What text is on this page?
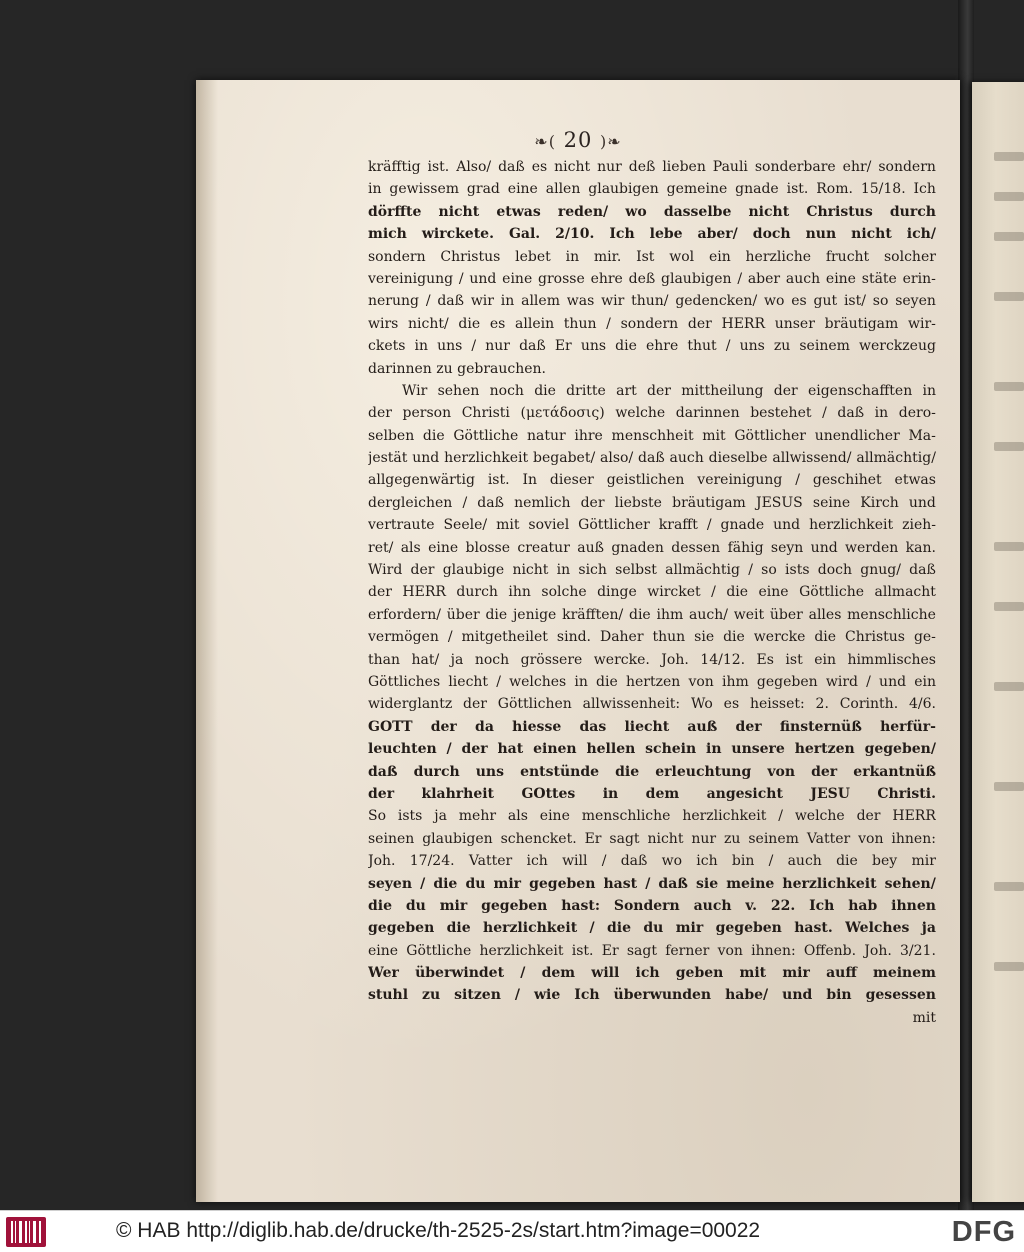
❧( 20 )❧
kräfftig ist. Also/ daß es nicht nur deß lieben Pauli sonderbare ehr/ sondern
in gewissem grad eine allen glaubigen gemeine gnade ist. Rom. 15/18. Ich
dörffte nicht etwas reden/ wo dasselbe nicht Christus durch
mich wirckete. Gal. 2/10. Ich lebe aber/ doch nun nicht ich/
sondern Christus lebet in mir. Ist wol ein herzliche frucht solcher
vereinigung / und eine grosse ehre deß glaubigen / aber auch eine stäte erin-
nerung / daß wir in allem was wir thun/ gedencken/ wo es gut ist/ so seyen
wirs nicht/ die es allein thun / sondern der HERR unser bräutigam wir-
ckets in uns / nur daß Er uns die ehre thut / uns zu seinem werckzeug
darinnen zu gebrauchen.
Wir sehen noch die dritte art der mittheilung der eigenschafften in
der person Christi (μετάδοσις) welche darinnen bestehet / daß in dero-
selben die Göttliche natur ihre menschheit mit Göttlicher unendlicher Ma-
jestät und herzlichkeit begabet/ also/ daß auch dieselbe allwissend/ allmächtig/
allgegenwärtig ist. In dieser geistlichen vereinigung / geschihet etwas
dergleichen / daß nemlich der liebste bräutigam JESUS seine Kirch und
vertraute Seele/ mit soviel Göttlicher krafft / gnade und herzlichkeit zieh-
ret/ als eine blosse creatur auß gnaden dessen fähig seyn und werden kan.
Wird der glaubige nicht in sich selbst allmächtig / so ists doch gnug/ daß
der HERR durch ihn solche dinge wircket / die eine Göttliche allmacht
erfordern/ über die jenige kräfften/ die ihm auch/ weit über alles menschliche
vermögen / mitgetheilet sind. Daher thun sie die wercke die Christus ge-
than hat/ ja noch grössere wercke. Joh. 14/12. Es ist ein himmlisches
Göttliches liecht / welches in die hertzen von ihm gegeben wird / und ein
widerglantz der Göttlichen allwissenheit: Wo es heisset: 2. Corinth. 4/6.
GOTT der da hiesse das liecht auß der finsternüß herfür-
leuchten / der hat einen hellen schein in unsere hertzen gegeben/
daß durch uns entstünde die erleuchtung von der erkantnüß
der klahrheit GOttes in dem angesicht JESU Christi.
So ists ja mehr als eine menschliche herzlichkeit / welche der HERR
seinen glaubigen schencket. Er sagt nicht nur zu seinem Vatter von ihnen:
Joh. 17/24. Vatter ich will / daß wo ich bin / auch die bey mir
seyen / die du mir gegeben hast / daß sie meine herzlichkeit sehen/
die du mir gegeben hast: Sondern auch v. 22. Ich hab ihnen
gegeben die herzlichkeit / die du mir gegeben hast. Welches ja
eine Göttliche herzlichkeit ist. Er sagt ferner von ihnen: Offenb. Joh. 3/21.
Wer überwindet / dem will ich geben mit mir auff meinem
stuhl zu sitzen / wie Ich überwunden habe/ und bin gesessen
mit
© HAB http://diglib.hab.de/drucke/th-2525-2s/start.htm?image=00022	DFG
